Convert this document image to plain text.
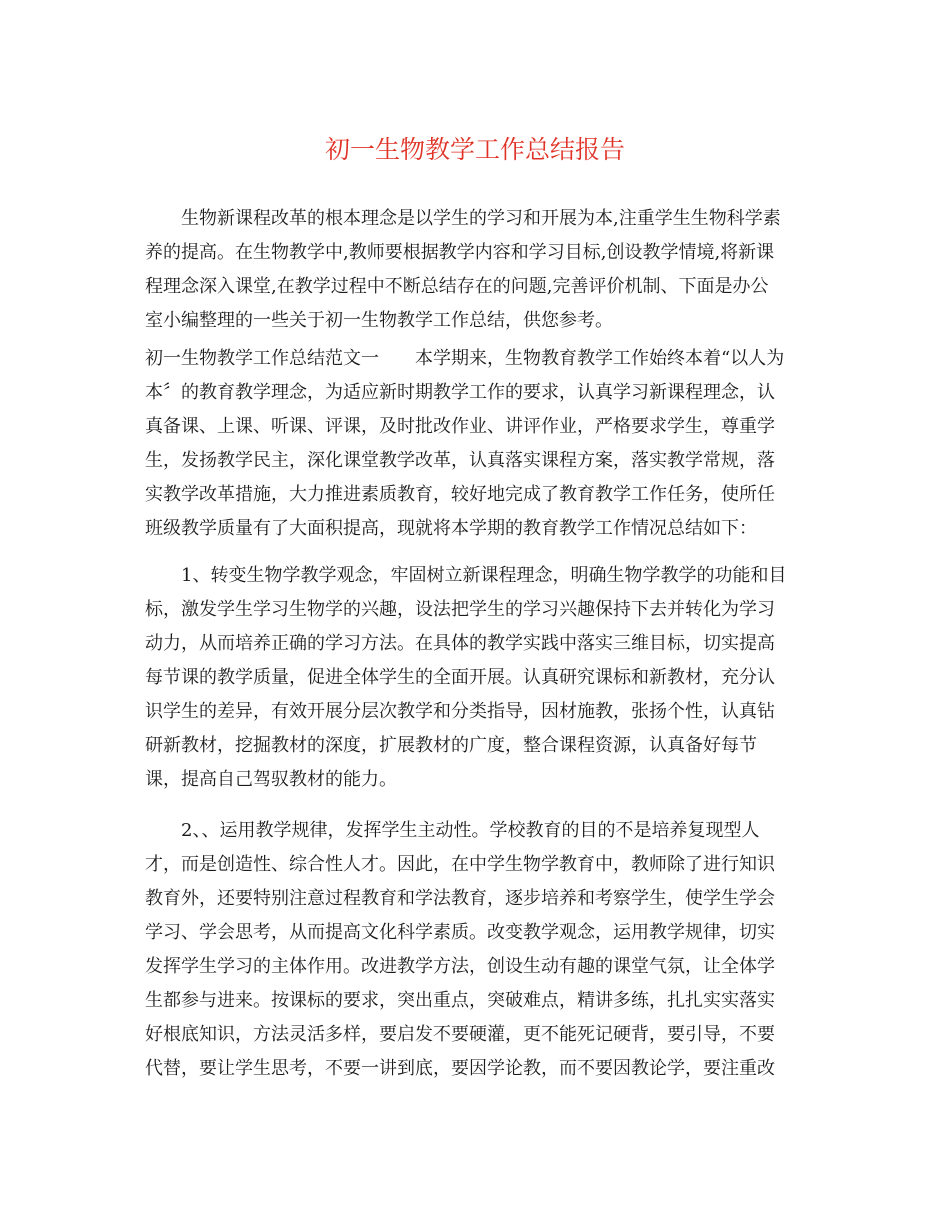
初一生物教学工作总结报告

生物新课程改革的根本理念是以学生的学习和开展为本,注重学生生物科学素

养的提高。在生物教学中,教师要根据教学内容和学习目标,创设教学情境,将新课

程理念深入课堂,在教学过程中不断总结存在的问题,完善评价机制、下面是办公

室小编整理的一些关于初一生物教学工作总结，供您参考。

初一生物教学工作总结范文一　　本学期来，生物教育教学工作始终本着“以人为

本〞的教育教学理念，为适应新时期教学工作的要求，认真学习新课程理念，认

真备课、上课、听课、评课，及时批改作业、讲评作业，严格要求学生，尊重学

生，发扬教学民主，深化课堂教学改革，认真落实课程方案，落实教学常规，落

实教学改革措施，大力推进素质教育，较好地完成了教育教学工作任务，使所任

班级教学质量有了大面积提高，现就将本学期的教育教学工作情况总结如下：

1、转变生物学教学观念，牢固树立新课程理念，明确生物学教学的功能和目

标，激发学生学习生物学的兴趣，设法把学生的学习兴趣保持下去并转化为学习

动力，从而培养正确的学习方法。在具体的教学实践中落实三维目标，切实提高

每节课的教学质量，促进全体学生的全面开展。认真研究课标和新教材，充分认

识学生的差异，有效开展分层次教学和分类指导，因材施教，张扬个性，认真钻

研新教材，挖掘教材的深度，扩展教材的广度，整合课程资源，认真备好每节

课，提高自己驾驭教材的能力。

2、、运用教学规律，发挥学生主动性。学校教育的目的不是培养复现型人

才，而是创造性、综合性人才。因此，在中学生物学教育中，教师除了进行知识

教育外，还要特别注意过程教育和学法教育，逐步培养和考察学生，使学生学会

学习、学会思考，从而提高文化科学素质。改变教学观念，运用教学规律，切实

发挥学生学习的主体作用。改进教学方法，创设生动有趣的课堂气氛，让全体学

生都参与进来。按课标的要求，突出重点，突破难点，精讲多练，扎扎实实落实

好根底知识，方法灵活多样，要启发不要硬灌，更不能死记硬背，要引导，不要

代替，要让学生思考，不要一讲到底，要因学论教，而不要因教论学，要注重改
